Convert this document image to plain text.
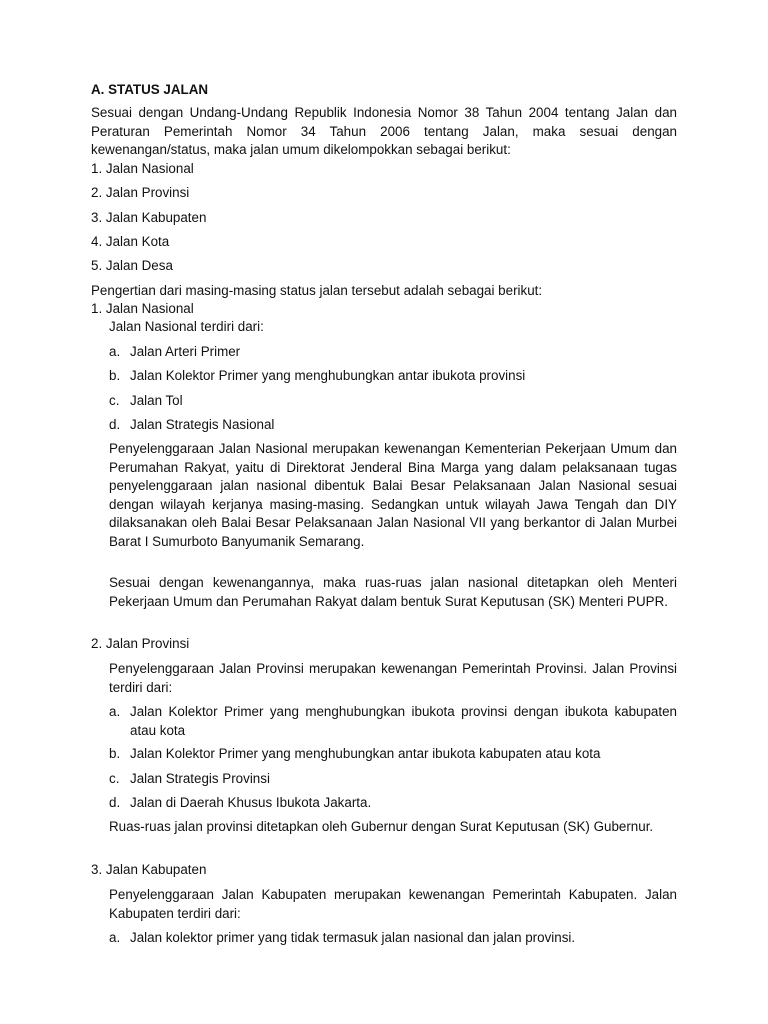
A. STATUS JALAN
Sesuai dengan Undang-Undang Republik Indonesia Nomor 38 Tahun 2004 tentang Jalan dan Peraturan Pemerintah Nomor 34 Tahun 2006 tentang Jalan, maka sesuai dengan kewenangan/status, maka jalan umum dikelompokkan sebagai berikut:
1. Jalan Nasional
2. Jalan Provinsi
3. Jalan Kabupaten
4. Jalan Kota
5. Jalan Desa
Pengertian dari masing-masing status jalan tersebut adalah sebagai berikut:
1. Jalan Nasional
Jalan Nasional terdiri dari:
a. Jalan Arteri Primer
b. Jalan Kolektor Primer yang menghubungkan antar ibukota provinsi
c. Jalan Tol
d. Jalan Strategis Nasional
Penyelenggaraan Jalan Nasional merupakan kewenangan Kementerian Pekerjaan Umum dan Perumahan Rakyat, yaitu di Direktorat Jenderal Bina Marga yang dalam pelaksanaan tugas penyelenggaraan jalan nasional dibentuk Balai Besar Pelaksanaan Jalan Nasional sesuai dengan wilayah kerjanya masing-masing. Sedangkan untuk wilayah Jawa Tengah dan DIY dilaksanakan oleh Balai Besar Pelaksanaan Jalan Nasional VII yang berkantor di Jalan Murbei Barat I Sumurboto Banyumanik Semarang.
Sesuai dengan kewenangannya, maka ruas-ruas jalan nasional ditetapkan oleh Menteri Pekerjaan Umum dan Perumahan Rakyat dalam bentuk Surat Keputusan (SK) Menteri PUPR.
2. Jalan Provinsi
Penyelenggaraan Jalan Provinsi merupakan kewenangan Pemerintah Provinsi. Jalan Provinsi terdiri dari:
a. Jalan Kolektor Primer yang menghubungkan ibukota provinsi dengan ibukota kabupaten atau kota
b. Jalan Kolektor Primer yang menghubungkan antar ibukota kabupaten atau kota
c. Jalan Strategis Provinsi
d. Jalan di Daerah Khusus Ibukota Jakarta.
Ruas-ruas jalan provinsi ditetapkan oleh Gubernur dengan Surat Keputusan (SK) Gubernur.
3. Jalan Kabupaten
Penyelenggaraan Jalan Kabupaten merupakan kewenangan Pemerintah Kabupaten. Jalan Kabupaten terdiri dari:
a. Jalan kolektor primer yang tidak termasuk jalan nasional dan jalan provinsi.
